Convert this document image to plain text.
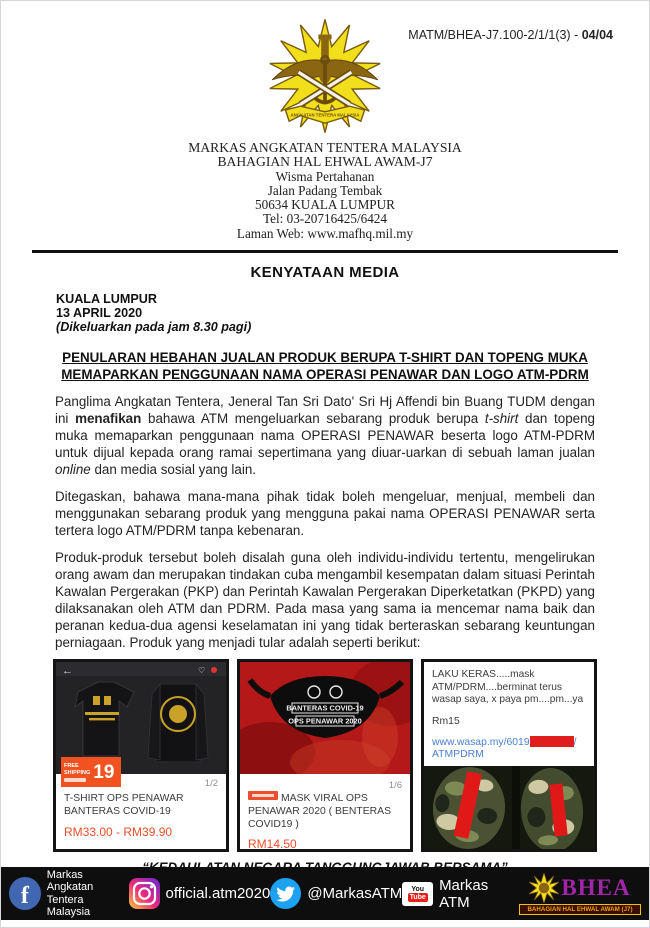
MATM/BHEA-J7.100-2/1/1(3) - 04/04
ANGKATAN TENTERA MALAYSIA
MARKAS ANGKATAN TENTERA MALAYSIA
BAHAGIAN HAL EHWAL AWAM-J7
Wisma Pertahanan
Jalan Padang Tembak
50634 KUALA LUMPUR
Tel: 03-20716425/6424
Laman Web: www.mafhq.mil.my
KENYATAAN MEDIA
KUALA LUMPUR
13 APRIL 2020
(Dikeluarkan pada jam 8.30 pagi)
PENULARAN HEBAHAN JUALAN PRODUK BERUPA T-SHIRT DAN TOPENG MUKA
MEMAPARKAN PENGGUNAAN NAMA OPERASI PENAWAR DAN LOGO ATM-PDRM

Panglima Angkatan Tentera, Jeneral Tan Sri Dato' Sri Hj Affendi bin Buang TUDM dengan ini menafikan bahawa ATM mengeluarkan sebarang produk berupa t-shirt dan topeng muka memaparkan penggunaan nama OPERASI PENAWAR beserta logo ATM-PDRM untuk dijual kepada orang ramai sepertimana yang diuar-uarkan di sebuah laman jualan online dan media sosial yang lain.

Ditegaskan, bahawa mana-mana pihak tidak boleh mengeluar, menjual, membeli dan menggunakan sebarang produk yang mengguna pakai nama OPERASI PENAWAR serta tertera logo ATM/PDRM tanpa kebenaran.

Produk-produk tersebut boleh disalah guna oleh individu-individu tertentu, mengelirukan orang awam dan merupakan tindakan cuba mengambil kesempatan dalam situasi Perintah Kawalan Pergerakan (PKP) dan Perintah Kawalan Pergerakan Diperketatkan (PKPD) yang dilaksanakan oleh ATM dan PDRM. Pada masa yang sama ia mencemar nama baik dan peranan kedua-dua agensi keselamatan ini yang tidak berteraskan sebarang keuntungan perniagaan. Produk yang menjadi tular adalah seperti berikut:

←	♡
FREE
SHIPPING 19
1/2
T-SHIRT OPS PENAWAR BANTERAS COVID-19
RM33.00 - RM39.90
BANTERAS COVID-19
OPS PENAWAR 2020
1/6
MASK VIRAL OPS PENAWAR 2020 ( BENTERAS COVID19 )
RM14.50
LAKU KERAS.....mask ATM/PDRM....berminat terus wasap saya, x paya pm....pm...ya
Rm15
www.wasap.my/6019	/
ATMPDRM
f
Markas Angkatan
Tentera Malaysia
official.atm2020 @MarkasATM You
Tube
Markas ATM
BHEA
BAHAGIAN HAL EHWAL AWAM (J7)
